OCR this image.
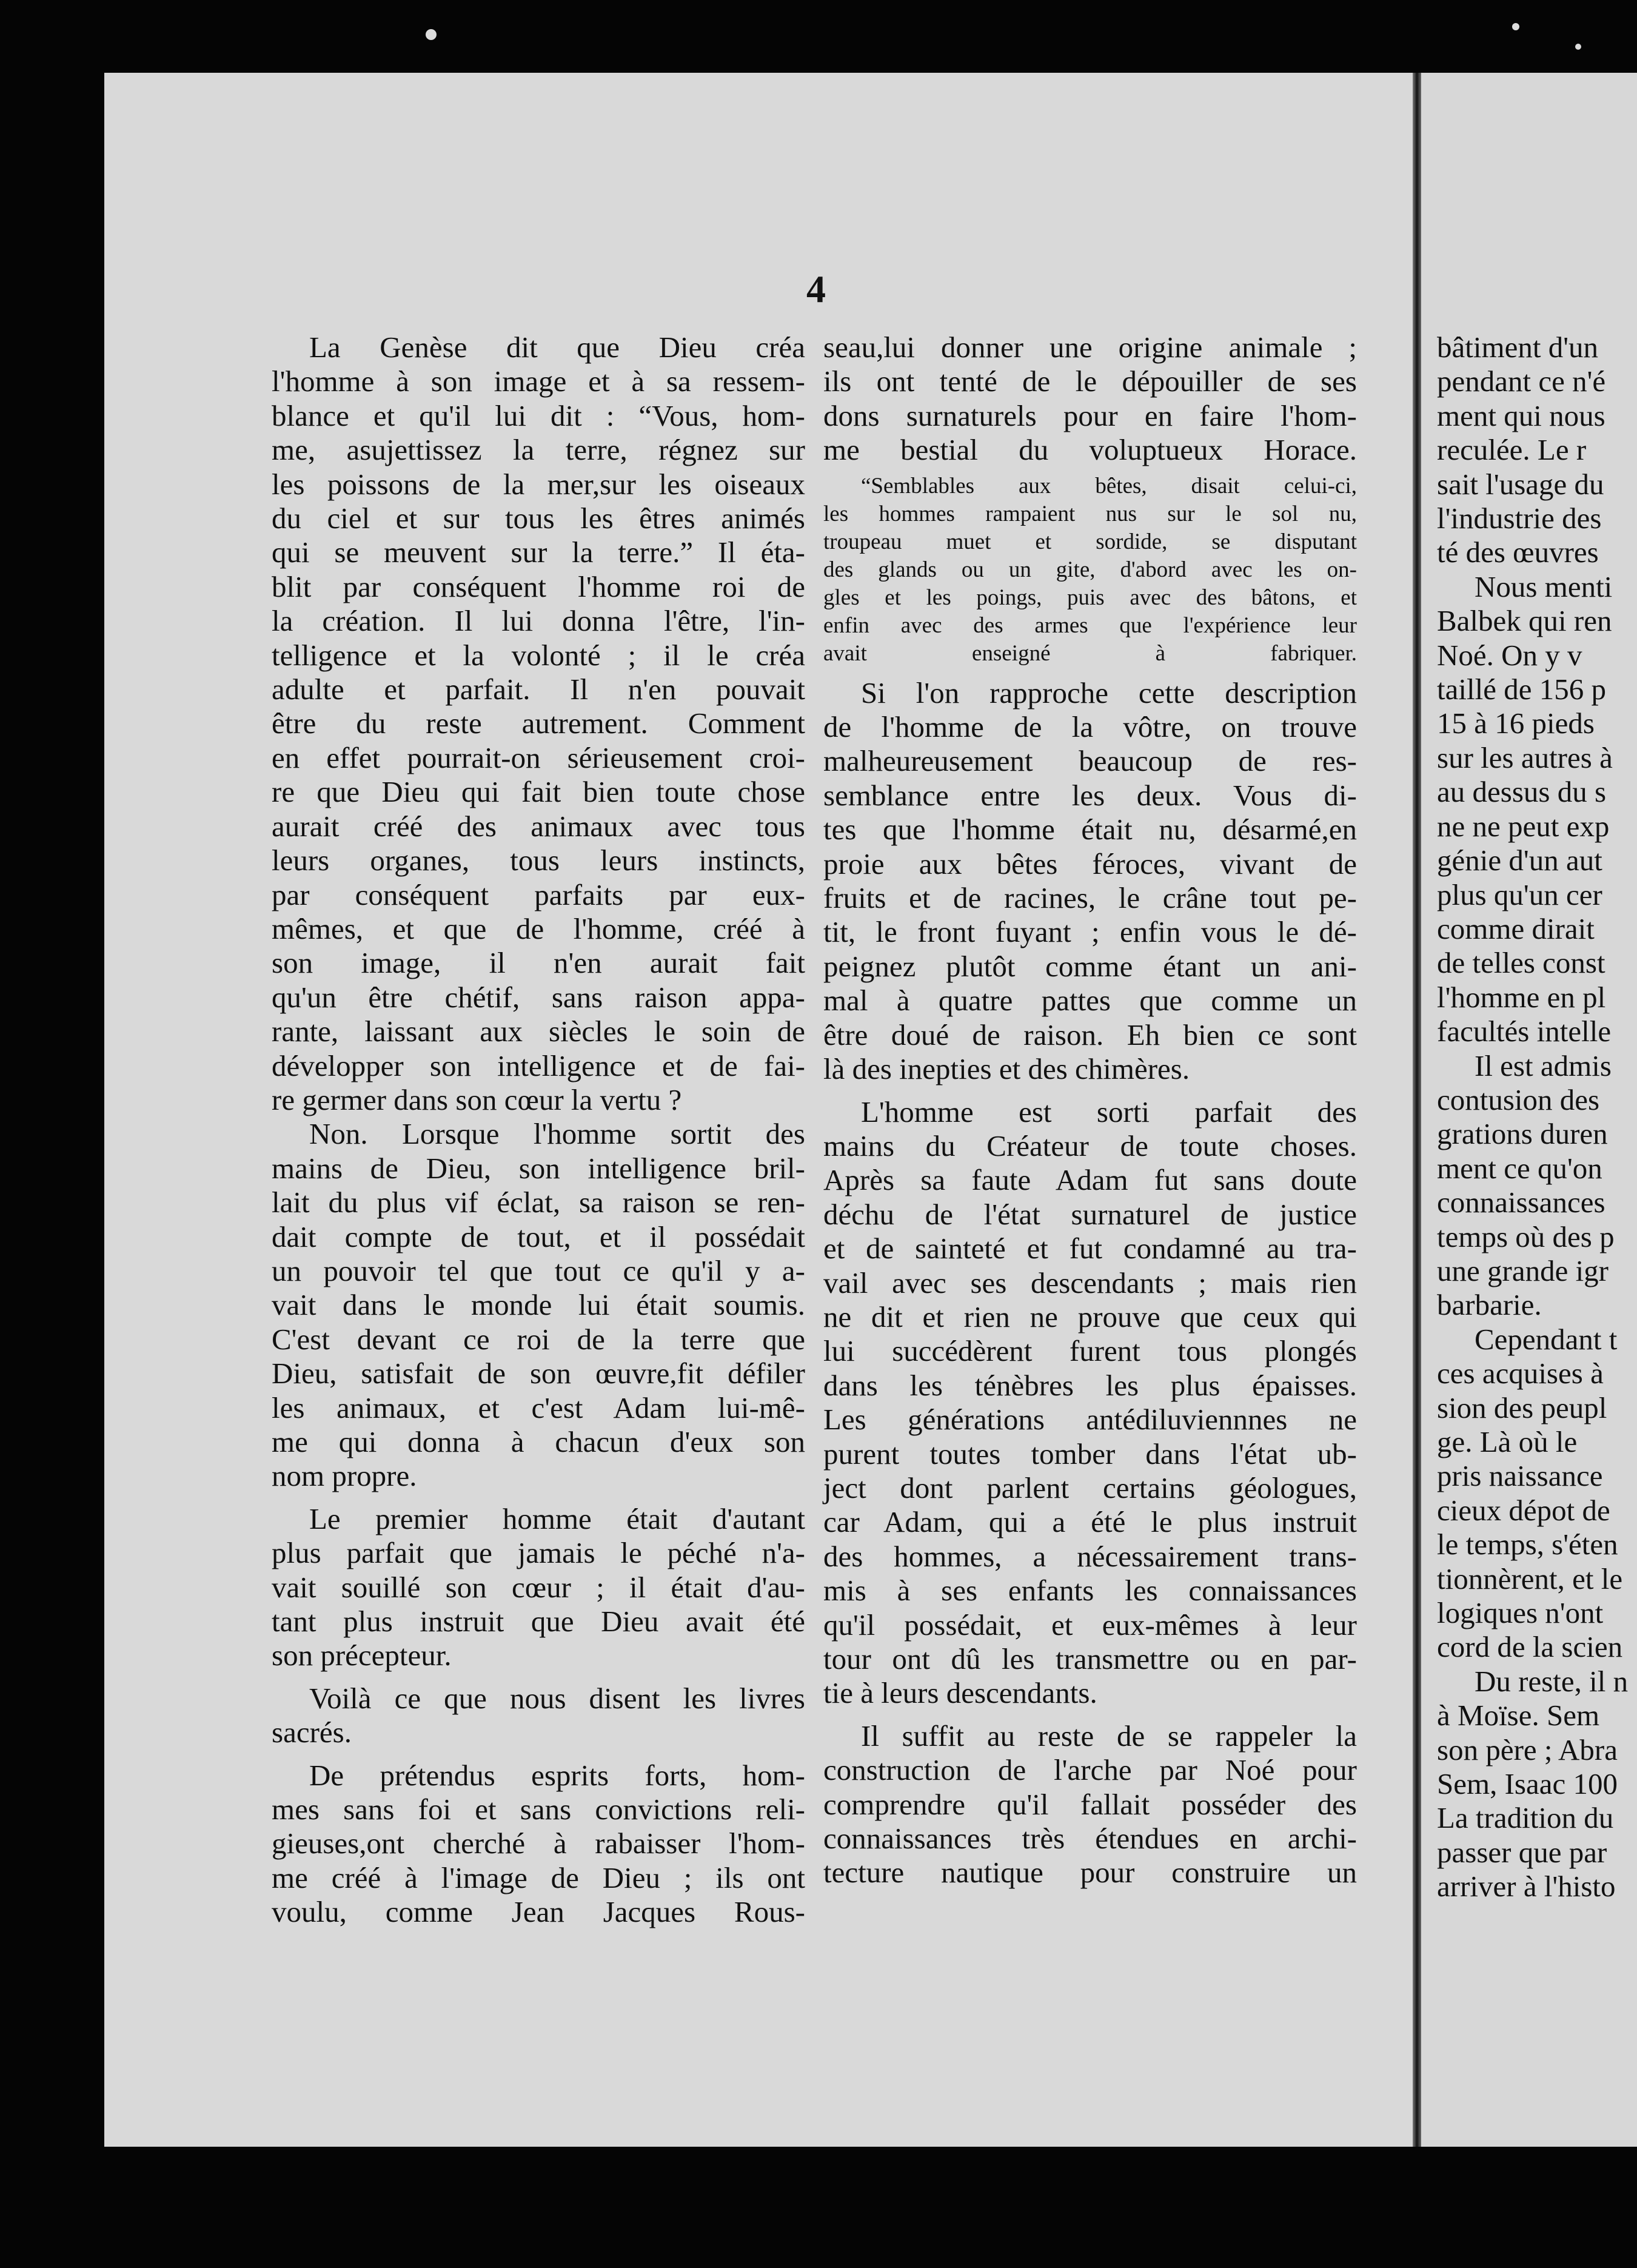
4
La Genèse dit que Dieu créa
l'homme à son image et à sa ressem-
blance et qu'il lui dit : “Vous, hom-
me, asujettissez la terre, régnez sur
les poissons de la mer,sur les oiseaux
du ciel et sur tous les êtres animés
qui se meuvent sur la terre.” Il éta-
blit par conséquent l'homme roi de
la création. Il lui donna l'être, l'in-
telligence et la volonté ; il le créa
adulte et parfait. Il n'en pouvait
être du reste autrement. Comment
en effet pourrait-on sérieusement croi-
re que Dieu qui fait bien toute chose
aurait créé des animaux avec tous
leurs organes, tous leurs instincts,
par conséquent parfaits par eux-
mêmes, et que de l'homme, créé à
son image, il n'en aurait fait
qu'un être chétif, sans raison appa-
rante, laissant aux siècles le soin de
développer son intelligence et de fai-
re germer dans son cœur la vertu ?
Non. Lorsque l'homme sortit des
mains de Dieu, son intelligence bril-
lait du plus vif éclat, sa raison se ren-
dait compte de tout, et il possédait
un pouvoir tel que tout ce qu'il y a-
vait dans le monde lui était soumis.
C'est devant ce roi de la terre que
Dieu, satisfait de son œuvre,fit défiler
les animaux, et c'est Adam lui-mê-
me qui donna à chacun d'eux son
nom propre.
Le premier homme était d'autant
plus parfait que jamais le péché n'a-
vait souillé son cœur ; il était d'au-
tant plus instruit que Dieu avait été
son précepteur.
Voilà ce que nous disent les livres
sacrés.
De prétendus esprits forts, hom-
mes sans foi et sans convictions reli-
gieuses,ont cherché à rabaisser l'hom-
me créé à l'image de Dieu ; ils ont
voulu, comme Jean Jacques Rous-
seau,lui donner une origine animale ;
ils ont tenté de le dépouiller de ses
dons surnaturels pour en faire l'hom-
me bestial du voluptueux Horace.
“Semblables aux bêtes, disait celui-ci,
les hommes rampaient nus sur le sol nu,
troupeau muet et sordide, se disputant
des glands ou un gite, d'abord avec les on-
gles et les poings, puis avec des bâtons, et
enfin avec des armes que l'expérience leur
avait enseigné à fabriquer.
Si l'on rapproche cette description
de l'homme de la vôtre, on trouve
malheureusement beaucoup de res-
semblance entre les deux. Vous di-
tes que l'homme était nu, désarmé,en
proie aux bêtes féroces, vivant de
fruits et de racines, le crâne tout pe-
tit, le front fuyant ; enfin vous le dé-
peignez plutôt comme étant un ani-
mal à quatre pattes que comme un
être doué de raison. Eh bien ce sont
là des inepties et des chimères.
L'homme est sorti parfait des
mains du Créateur de toute choses.
Après sa faute Adam fut sans doute
déchu de l'état surnaturel de justice
et de sainteté et fut condamné au tra-
vail avec ses descendants ; mais rien
ne dit et rien ne prouve que ceux qui
lui succédèrent furent tous plongés
dans les ténèbres les plus épaisses.
Les générations antédiluviennnes ne
purent toutes tomber dans l'état ub-
ject dont parlent certains géologues,
car Adam, qui a été le plus instruit
des hommes, a nécessairement trans-
mis à ses enfants les connaissances
qu'il possédait, et eux-mêmes à leur
tour ont dû les transmettre ou en par-
tie à leurs descendants.
Il suffit au reste de se rappeler la
construction de l'arche par Noé pour
comprendre qu'il fallait posséder des
connaissances très étendues en archi-
tecture nautique pour construire un
bâtiment d'un
pendant ce n'é
ment qui nous
reculée. Le r
sait l'usage du
l'industrie des
té des œuvres
Nous menti
Balbek qui ren
Noé. On y v
taillé de 156 p
15 à 16 pieds
sur les autres à
au dessus du s
ne ne peut exp
génie d'un aut
plus qu'un cer
comme dirait
de telles const
l'homme en pl
facultés intelle
Il est admis
contusion des
grations duren
ment ce qu'on
connaissances
temps où des p
une grande igr
barbarie.
Cependant t
ces acquises à
sion des peupl
ge. Là où le
pris naissance
cieux dépot de
le temps, s'éten
tionnèrent, et le
logiques n'ont
cord de la scien
Du reste, il n
à Moïse. Sem
son père ; Abra
Sem, Isaac 100
La tradition du
passer que par
arriver à l'histo
